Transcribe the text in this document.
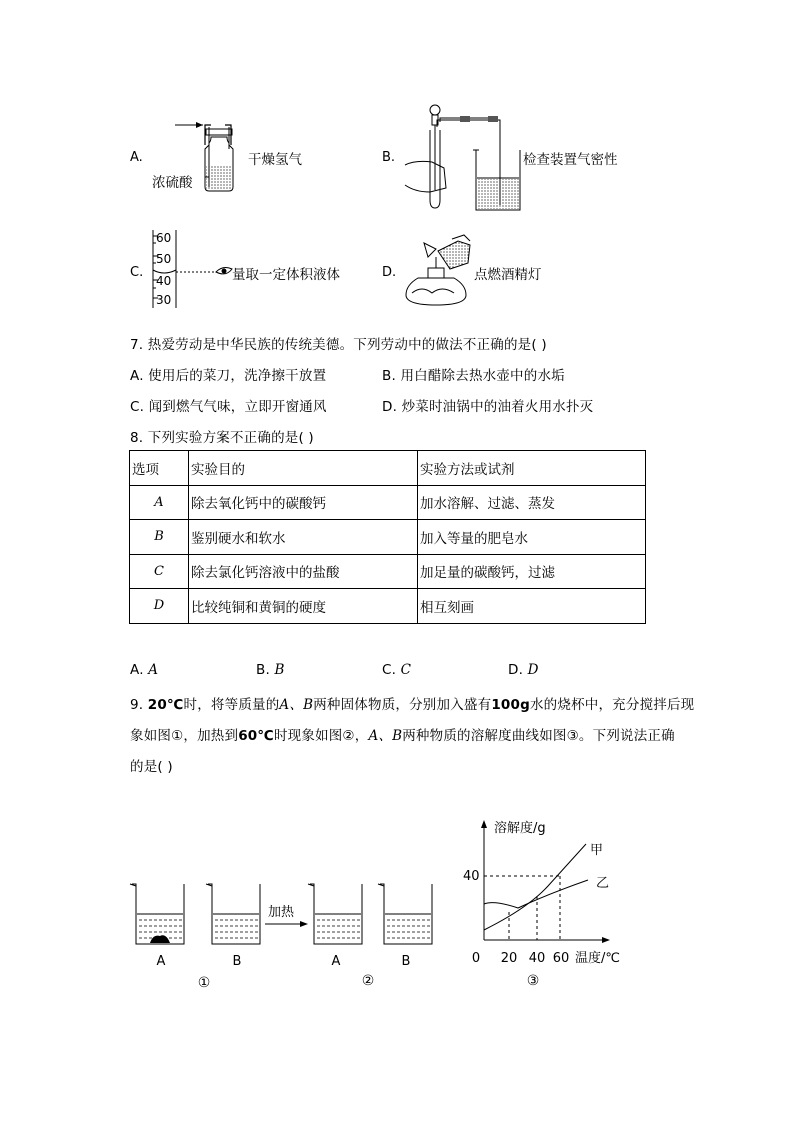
A.	干燥氢气
浓硫酸
B.	检查装置气密性
C.
60
50
40
30
量取一定体积液体	D.	点燃酒精灯
7. 热爱劳动是中华民族的传统美德。下列劳动中的做法不正确的是( )
A. 使用后的菜刀，洗净擦干放置	B. 用白醋除去热水壶中的水垢
C. 闻到燃气气味，立即开窗通风	D. 炒菜时油锅中的油着火用水扑灭
8. 下列实验方案不正确的是( )
选项	实验目的	实验方法或试剂
A	除去氧化钙中的碳酸钙	加水溶解、过滤、蒸发
B	鉴别硬水和软水	加入等量的肥皂水
C	除去氯化钙溶液中的盐酸	加足量的碳酸钙，过滤
D	比较纯铜和黄铜的硬度	相互刻画
A. A	B. B	C. C	D. D
9. 20℃时，将等质量的A、B两种固体物质，分别加入盛有100g水的烧杯中，充分搅拌后现
象如图①，加热到60℃时现象如图②，A、B两种物质的溶解度曲线如图③。下列说法正确
的是( )
加热
A	B	A	B
①	②
溶解度/g
40
0 20 40 60 温度/℃
甲
乙
③
